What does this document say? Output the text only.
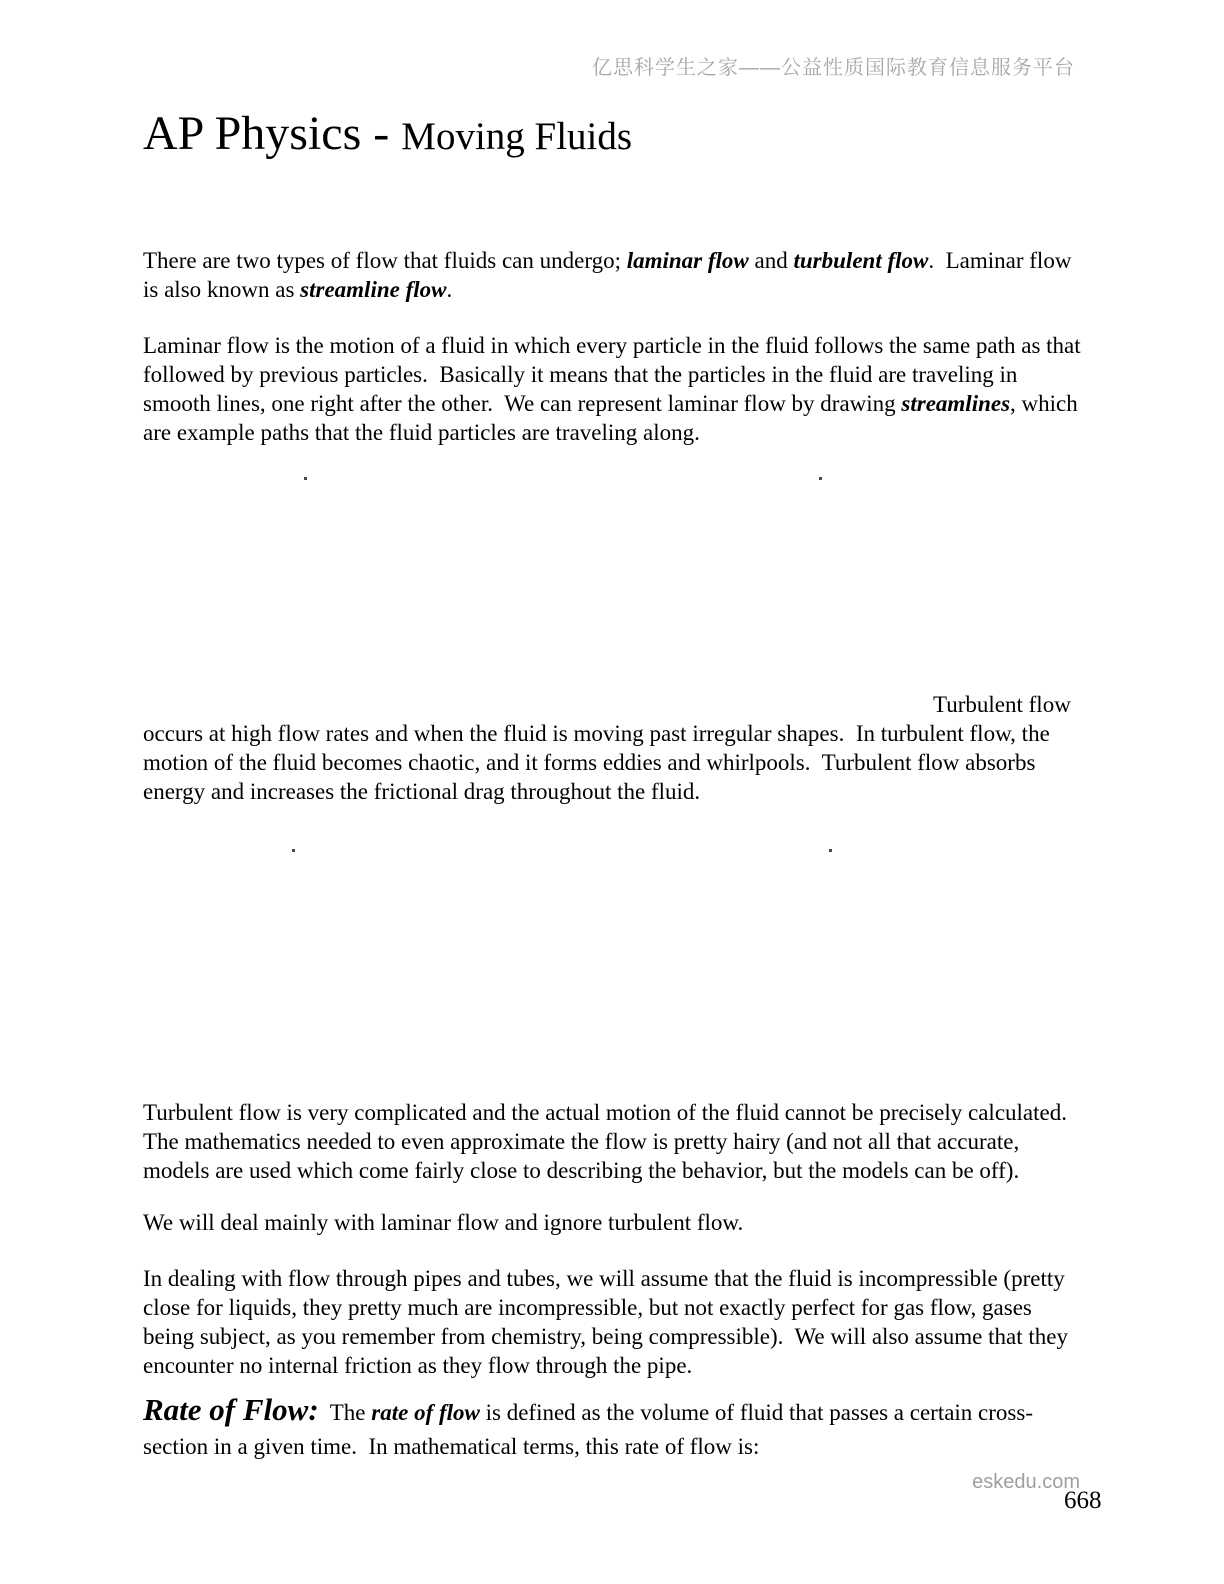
亿思科学生之家——公益性质国际教育信息服务平台
AP Physics - Moving Fluids

There are two types of flow that fluids can undergo; laminar flow and turbulent flow.  Laminar flow is also known as streamline flow.

Laminar flow is the motion of a fluid in which every particle in the fluid follows the same path as that followed by previous particles.  Basically it means that the particles in the fluid are traveling in smooth lines, one right after the other.  We can represent laminar flow by drawing streamlines, which are example paths that the fluid particles are traveling along.

Turbulent flow occurs at high flow rates and when the fluid is moving past irregular shapes.  In turbulent flow, the motion of the fluid becomes chaotic, and it forms eddies and whirlpools.  Turbulent flow absorbs energy and increases the frictional drag throughout the fluid.

Turbulent flow is very complicated and the actual motion of the fluid cannot be precisely calculated.  The mathematics needed to even approximate the flow is pretty hairy (and not all that accurate, models are used which come fairly close to describing the behavior, but the models can be off).

We will deal mainly with laminar flow and ignore turbulent flow.

In dealing with flow through pipes and tubes, we will assume that the fluid is incompressible (pretty close for liquids, they pretty much are incompressible, but not exactly perfect for gas flow, gases being subject, as you remember from chemistry, being compressible).  We will also assume that they encounter no internal friction as they flow through the pipe.

Rate of Flow:  The rate of flow is defined as the volume of fluid that passes a certain cross-section in a given time.  In mathematical terms, this rate of flow is:

eskedu.com
668
